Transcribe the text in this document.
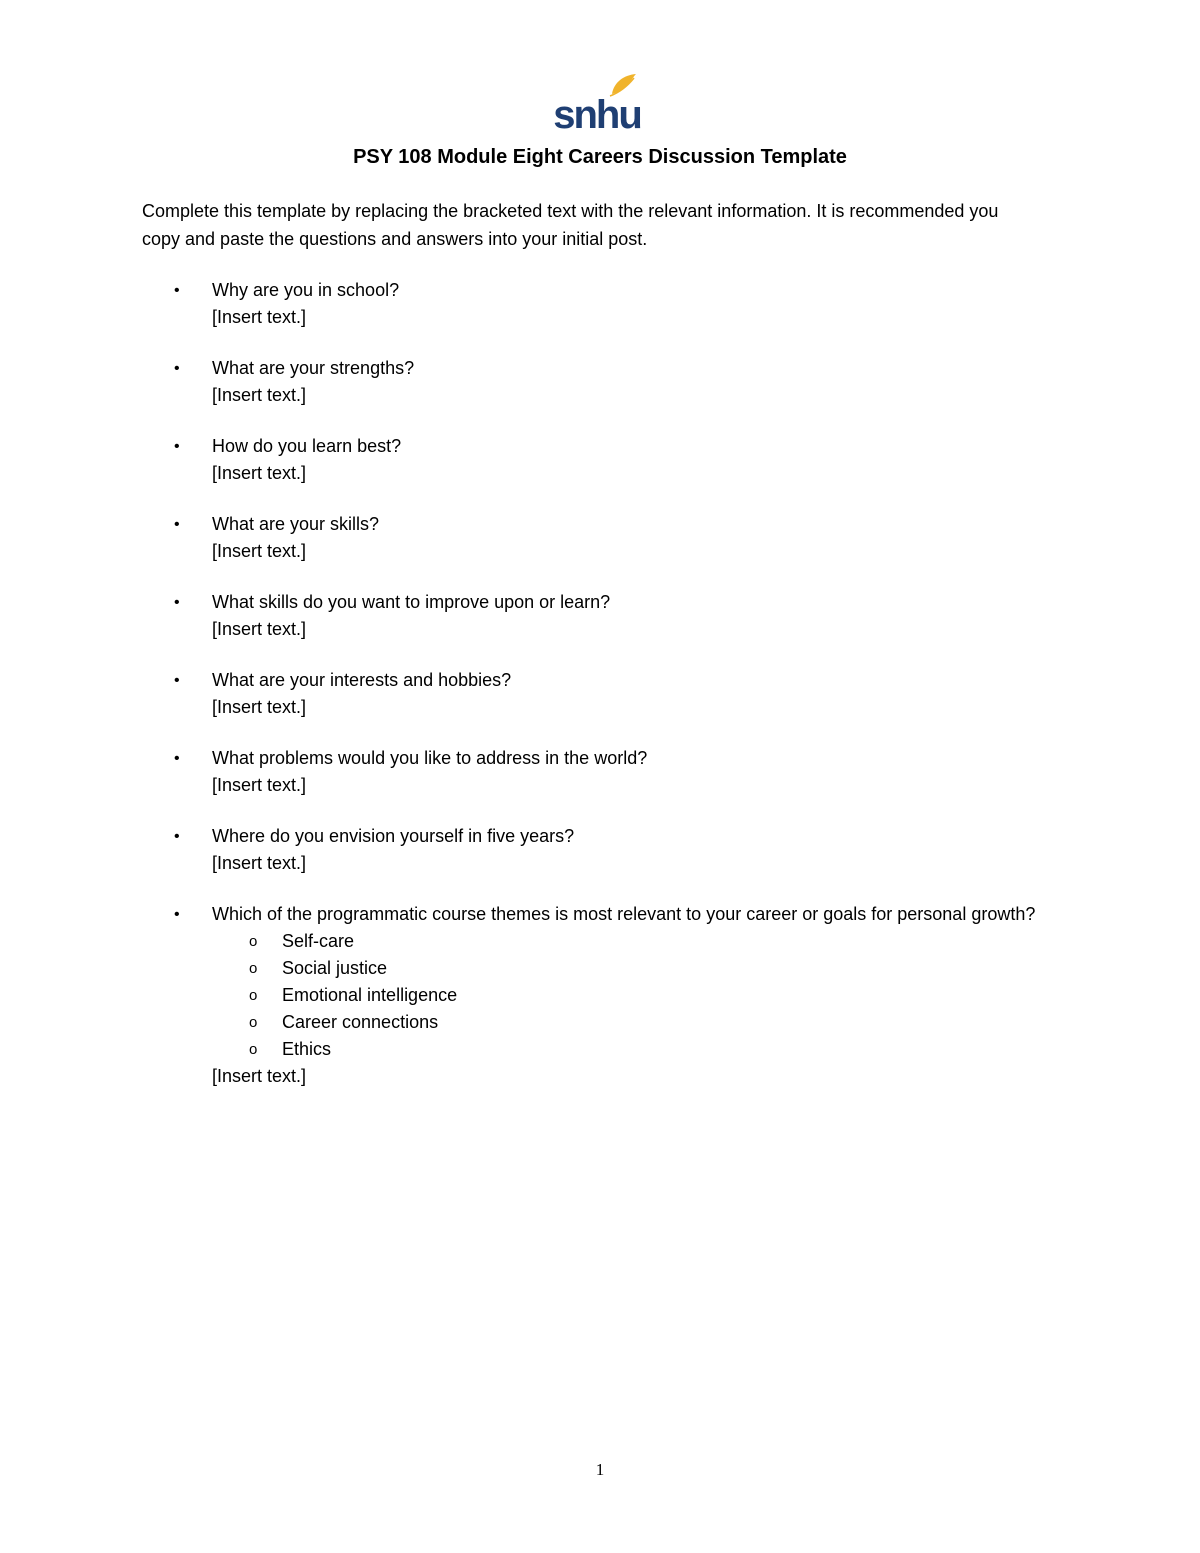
snhu
PSY 108 Module Eight Careers Discussion Template
Complete this template by replacing the bracketed text with the relevant information. It is recommended you copy and paste the questions and answers into your initial post.
• Why are you in school?
[Insert text.]
• What are your strengths?
[Insert text.]
• How do you learn best?
[Insert text.]
• What are your skills?
[Insert text.]
• What skills do you want to improve upon or learn?
[Insert text.]
• What are your interests and hobbies?
[Insert text.]
• What problems would you like to address in the world?
[Insert text.]
• Where do you envision yourself in five years?
[Insert text.]
• Which of the programmatic course themes is most relevant to your career or goals for personal growth?
o Self-care
o Social justice
o Emotional intelligence
o Career connections
o Ethics
[Insert text.]
1
